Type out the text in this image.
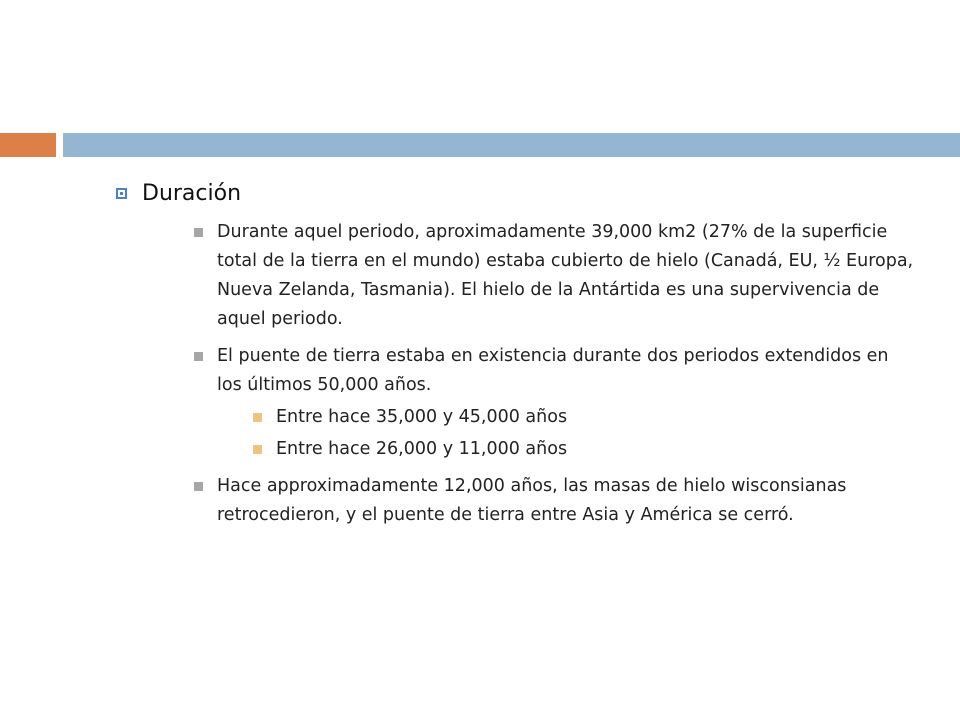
Duración
Durante aquel periodo, aproximadamente 39,000 km2 (27% de la superficie total de la tierra en el mundo) estaba cubierto de hielo (Canadá, EU, ½ Europa, Nueva Zelanda, Tasmania). El hielo de la Antártida es una supervivencia de aquel periodo.
El puente de tierra estaba en existencia durante dos periodos extendidos en los últimos 50,000 años.
Entre hace 35,000 y 45,000 años
Entre hace 26,000 y 11,000 años
Hace approximadamente 12,000 años, las masas de hielo wisconsianas retrocedieron, y el puente de tierra entre Asia y América se cerró.
